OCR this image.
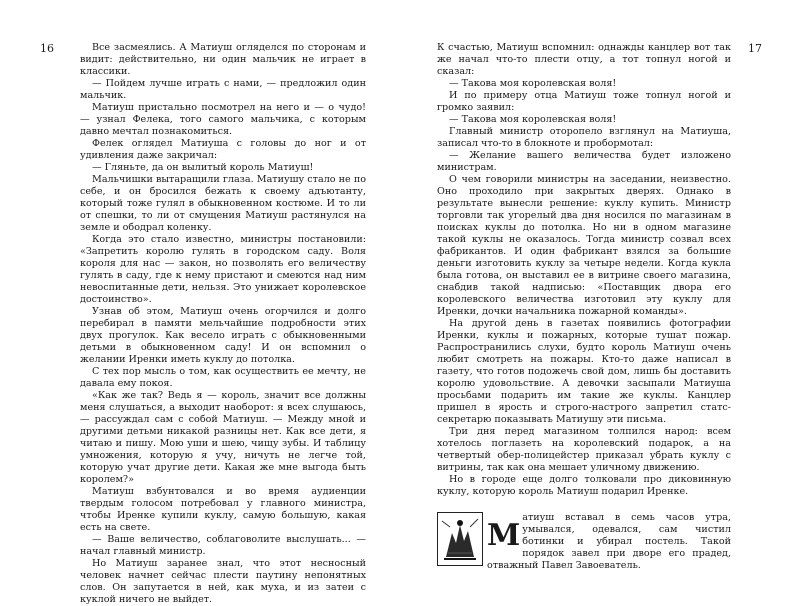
16	17

Все засмеялись. А Матиуш огляделся по сторонам и видит: действительно, ни один мальчик не играет в классики.

— Пойдем лучше играть с нами, — предложил один мальчик.

Матиуш пристально посмотрел на него и — о чудо! — узнал Фелека, того самого мальчика, с которым давно мечтал познакомиться.

Фелек оглядел Матиуша с головы до ног и от удивления даже закричал:

— Гляньте, да он вылитый король Матиуш!

Мальчишки вытаращили глаза. Матиушу стало не по себе, и он бросился бежать к своему адъютанту, который тоже гулял в обыкновенном костюме. И то ли от спешки, то ли от смущения Матиуш растянулся на земле и ободрал коленку.

Когда это стало известно, министры постановили: «Запретить королю гулять в городском саду. Воля короля для нас — закон, но позволять его величеству гулять в саду, где к нему пристают и смеются над ним невоспитанные дети, нельзя. Это унижает королевское достоинство».

Узнав об этом, Матиуш очень огорчился и долго перебирал в памяти мельчайшие подробности этих двух прогулок. Как весело играть с обыкновенными детьми в обыкновенном саду! И он вспомнил о желании Иренки иметь куклу до потолка.

С тех пор мысль о том, как осуществить ее мечту, не давала ему покоя.

«Как же так? Ведь я — король, значит все должны меня слушаться, а выходит наоборот: я всех слушаюсь, — рассуждал сам с собой Матиуш. — Между мной и другими детьми никакой разницы нет. Как все дети, я читаю и пишу. Мою уши и шею, чищу зубы. И таблицу умножения, которую я учу, ничуть не легче той, которую учат другие дети. Какая же мне выгода быть королем?»

Матиуш взбунтовался и во время аудиенции твердым голосом потребовал у главного министра, чтобы Иренке купили куклу, самую большую, какая есть на свете.

— Ваше величество, соблаговолите выслушать... — начал главный министр.

Но Матиуш заранее знал, что этот несносный человек начнет сейчас плести паутину непонятных слов. Он запутается в ней, как муха, и из затеи с куклой ничего не выйдет.

К счастью, Матиуш вспомнил: однажды канцлер вот так же начал что-то плести отцу, а тот топнул ногой и сказал:

— Такова моя королевская воля!

И по примеру отца Матиуш тоже топнул ногой и громко заявил:

— Такова моя королевская воля!

Главный министр оторопело взглянул на Матиуша, записал что-то в блокноте и пробормотал:

— Желание вашего величества будет изложено министрам.

О чем говорили министры на заседании, неизвестно. Оно проходило при закрытых дверях. Однако в результате вынесли решение: куклу купить. Министр торговли так угорелый два дня носился по магазинам в поисках куклы до потолка. Но ни в одном магазине такой куклы не оказалось. Тогда министр созвал всех фабрикантов. И один фабрикант взялся за большие деньги изготовить куклу за четыре недели. Когда кукла была готова, он выставил ее в витрине своего магазина, снабдив такой надписью: «Поставщик двора его королевского величества изготовил эту куклу для Иренки, дочки начальника пожарной команды».

На другой день в газетах появились фотографии Иренки, куклы и пожарных, которые тушат пожар. Распространились слухи, будто король Матиуш очень любит смотреть на пожары. Кто-то даже написал в газету, что готов подожечь свой дом, лишь бы доставить королю удовольствие. А девочки засыпали Матиуша просьбами подарить им такие же куклы. Канцлер пришел в ярость и строго-настрого запретил статс-секретарю показывать Матиушу эти письма.

Три дня перед магазином толпился народ: всем хотелось поглазеть на королевский подарок, а на четвертый обер-полицейстер приказал убрать куклу с витрины, так как она мешает уличному движению.

Но в городе еще долго толковали про диковинную куклу, которую король Матиуш подарил Иренке.

М
атиуш вставал в семь часов утра, умывался, одевался, сам чистил ботинки и убирал постель. Такой порядок завел при дворе его прадед, отважный Павел Завоеватель.
